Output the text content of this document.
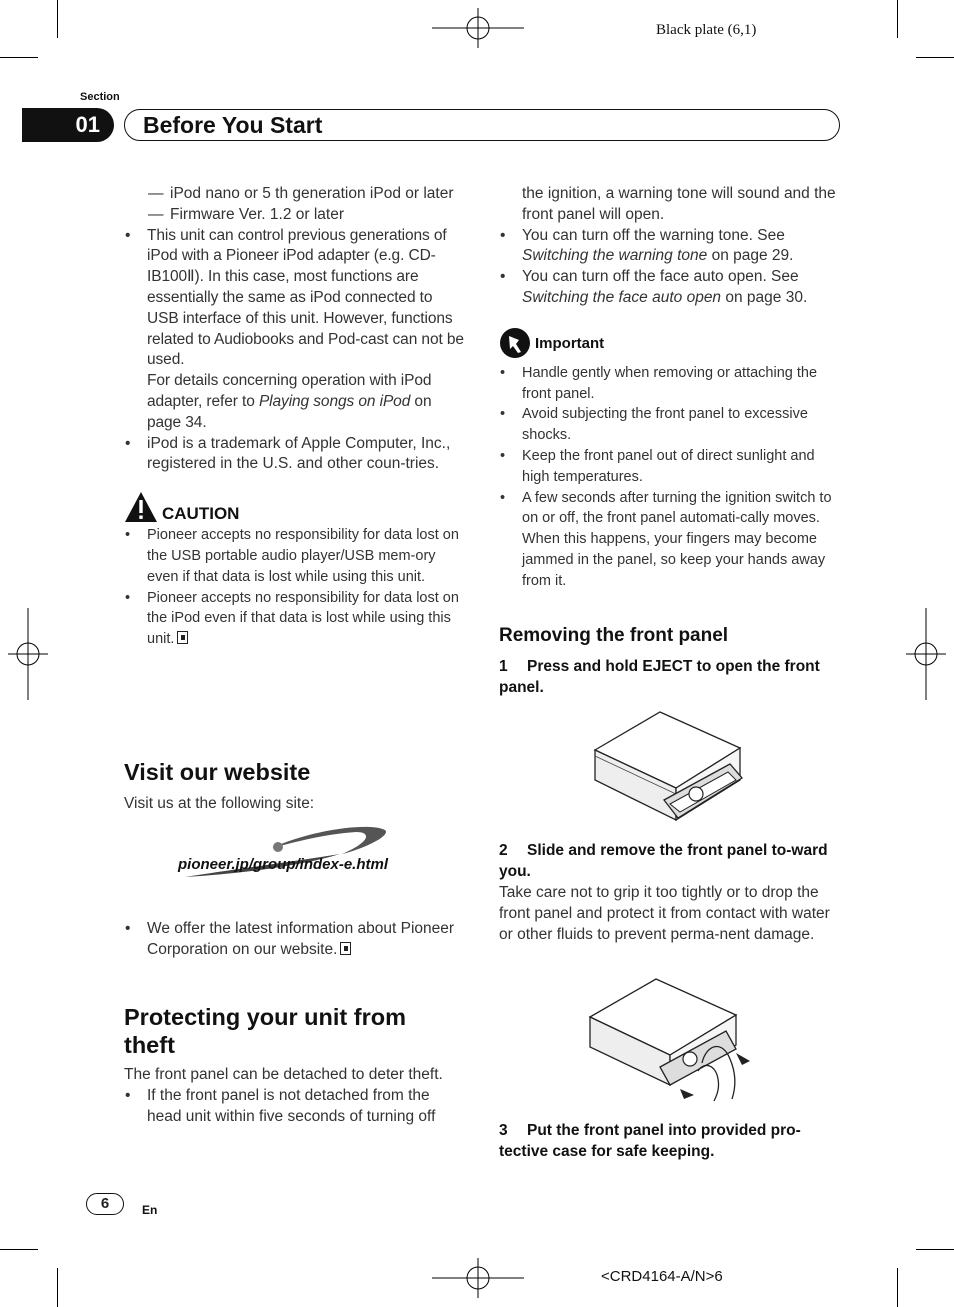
Black plate (6,1)
Section
01	Before You Start

— iPod nano or 5 th generation iPod or later

— Firmware Ver. 1.2 or later

• This unit can control previous generations of iPod with a Pioneer iPod adapter (e.g. CD-IB100Ⅱ). In this case, most functions are essentially the same as iPod connected to USB interface of this unit. However, functions related to Audiobooks and Pod-cast can not be used.
For details concerning operation with iPod adapter, refer to Playing songs on iPod on page 34.

• iPod is a trademark of Apple Computer, Inc., registered in the U.S. and other coun-tries.

CAUTION

• Pioneer accepts no responsibility for data lost on the USB portable audio player/USB mem-ory even if that data is lost while using this unit.

• Pioneer accepts no responsibility for data lost on the iPod even if that data is lost while using this unit.

Visit our website
Visit us at the following site:
pioneer.jp/group/index-e.html

• We offer the latest information about Pioneer Corporation on our website.

Protecting your unit from
theft

The front panel can be detached to deter theft.

• If the front panel is not detached from the head unit within five seconds of turning off

the ignition, a warning tone will sound and the front panel will open.

• You can turn off the warning tone. See Switching the warning tone on page 29.

• You can turn off the face auto open. See Switching the face auto open on page 30.

Important

• Handle gently when removing or attaching the front panel.

• Avoid subjecting the front panel to excessive shocks.

• Keep the front panel out of direct sunlight and high temperatures.

• A few seconds after turning the ignition switch to on or off, the front panel automati-cally moves. When this happens, your fingers may become jammed in the panel, so keep your hands away from it.

Removing the front panel
1 Press and hold EJECT to open the front panel.
2 Slide and remove the front panel to-ward you.
Take care not to grip it too tightly or to drop the front panel and protect it from contact with water or other fluids to prevent perma-nent damage.
3 Put the front panel into provided pro-tective case for safe keeping.
6	En
<CRD4164-A/N>6
